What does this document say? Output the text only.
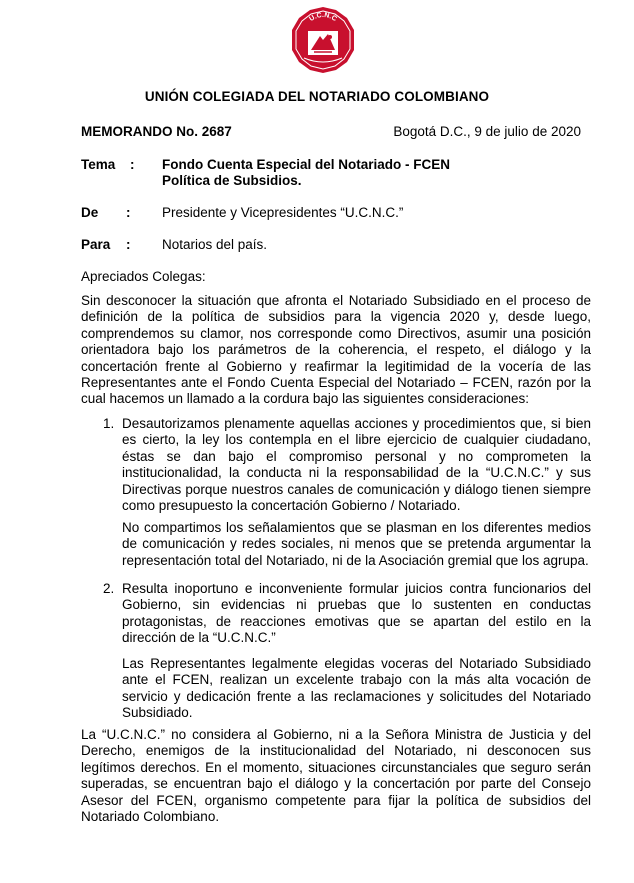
U.C.N.C
UNIÓN COLEGIADA DEL NOTARIADO COLOMBIANO
MEMORANDO No. 2687	Bogotá D.C., 9 de julio de 2020
Tema	: Fondo Cuenta Especial del Notariado - FCEN
Política de Subsidios.
De	: Presidente y Vicepresidentes “U.C.N.C.”
Para	: Notarios del país.
Apreciados Colegas:
Sin desconocer la situación que afronta el Notariado Subsidiado en el proceso de definición de la política de subsidios para la vigencia 2020 y, desde luego, comprendemos su clamor, nos corresponde como Directivos, asumir una posición orientadora bajo los parámetros de la coherencia, el respeto, el diálogo y la concertación frente al Gobierno y reafirmar la legitimidad de la vocería de las Representantes ante el Fondo Cuenta Especial del Notariado – FCEN, razón por la cual hacemos un llamado a la cordura bajo las siguientes consideraciones:
1. Desautorizamos plenamente aquellas acciones y procedimientos que, si bien es cierto, la ley los contempla en el libre ejercicio de cualquier ciudadano, éstas se dan bajo el compromiso personal y no comprometen la institucionalidad, la conducta ni la responsabilidad de la “U.C.N.C.” y sus Directivas porque nuestros canales de comunicación y diálogo tienen siempre como presupuesto la concertación Gobierno / Notariado.
No compartimos los señalamientos que se plasman en los diferentes medios de comunicación y redes sociales, ni menos que se pretenda argumentar la representación total del Notariado, ni de la Asociación gremial que los agrupa.
2. Resulta inoportuno e inconveniente formular juicios contra funcionarios del Gobierno, sin evidencias ni pruebas que lo sustenten en conductas protagonistas, de reacciones emotivas que se apartan del estilo en la dirección de la “U.C.N.C.”
Las Representantes legalmente elegidas voceras del Notariado Subsidiado ante el FCEN, realizan un excelente trabajo con la más alta vocación de servicio y dedicación frente a las reclamaciones y solicitudes del Notariado Subsidiado.
La “U.C.N.C.” no considera al Gobierno, ni a la Señora Ministra de Justicia y del Derecho, enemigos de la institucionalidad del Notariado, ni desconocen sus legítimos derechos. En el momento, situaciones circunstanciales que seguro serán superadas, se encuentran bajo el diálogo y la concertación por parte del Consejo Asesor del FCEN, organismo competente para fijar la política de subsidios del Notariado Colombiano.
